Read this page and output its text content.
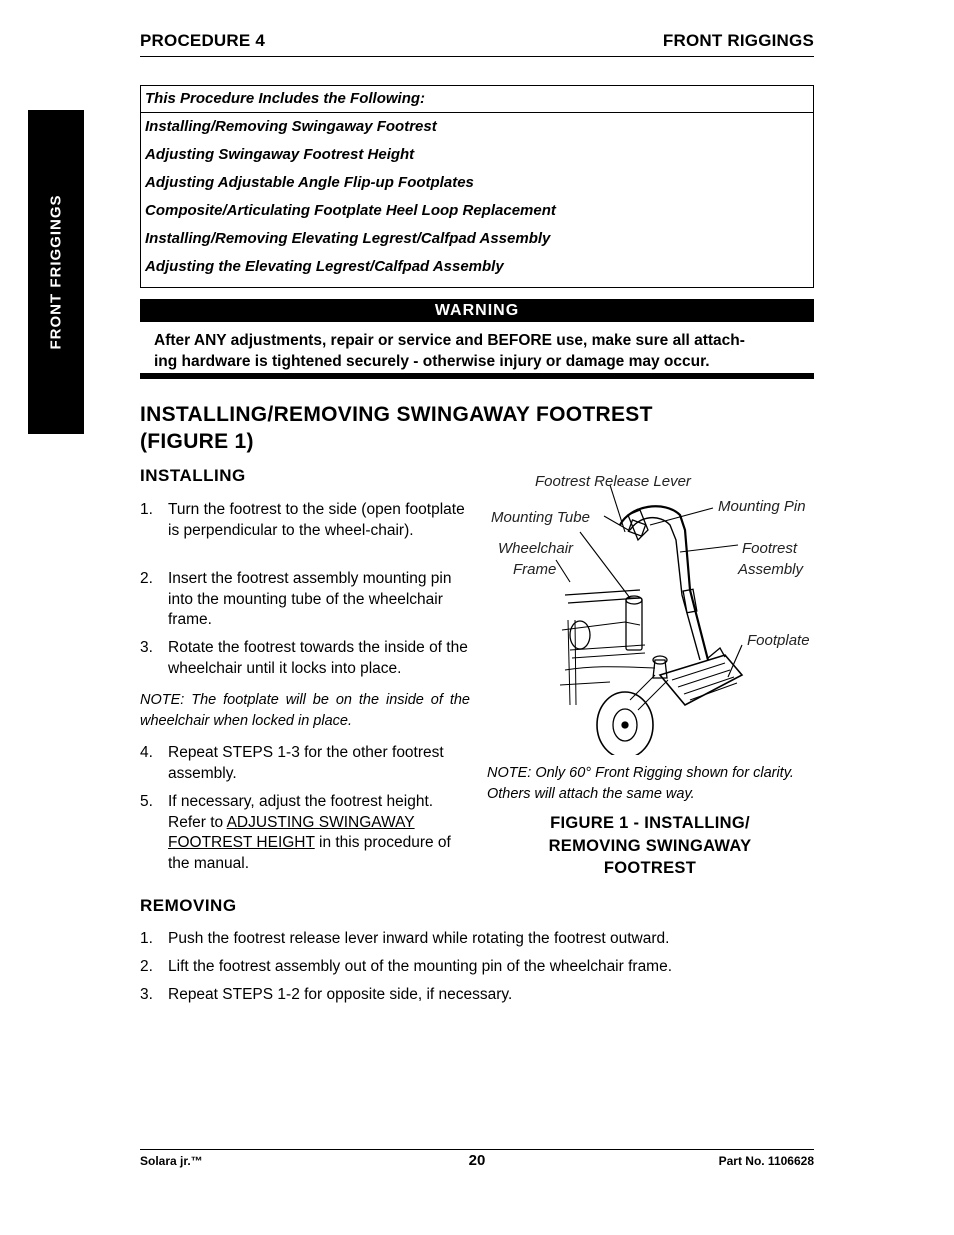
PROCEDURE 4	FRONT RIGGINGS
FRONT FRIGGINGS
This Procedure Includes the Following:
Installing/Removing Swingaway Footrest
Adjusting Swingaway Footrest Height
Adjusting Adjustable Angle Flip-up Footplates
Composite/Articulating Footplate Heel Loop Replacement
Installing/Removing Elevating Legrest/Calfpad Assembly
Adjusting the Elevating Legrest/Calfpad Assembly
WARNING
After ANY adjustments, repair or service and BEFORE use, make sure all attach-
ing hardware is tightened securely - otherwise injury or damage may occur.
INSTALLING/REMOVING SWINGAWAY FOOTREST
(FIGURE 1)
INSTALLING
1. Turn the footrest to the side (open footplate is perpendicular to the wheel-chair).
2. Insert the footrest assembly mounting pin into the mounting tube of the wheelchair frame.
3. Rotate the footrest towards the inside of the wheelchair until it locks into place.
NOTE: The footplate will be on the inside of the wheelchair when locked in place.
4. Repeat STEPS 1-3 for the other footrest assembly.
5. If necessary, adjust the footrest height. Refer to ADJUSTING SWINGAWAY FOOTREST HEIGHT in this procedure of the manual.
Footrest Release Lever
Mounting Pin
Mounting Tube
Wheelchair
Frame
Footrest
Assembly
Footplate
NOTE: Only 60° Front Rigging shown for clarity.
Others will attach the same way.
FIGURE 1 - INSTALLING/
REMOVING SWINGAWAY
FOOTREST
REMOVING
1. Push the footrest release lever inward while rotating the footrest outward.
2. Lift the footrest assembly out of the mounting pin of the wheelchair frame.
3. Repeat STEPS 1-2 for opposite side, if necessary.
Solara jr.™	20	Part No. 1106628
